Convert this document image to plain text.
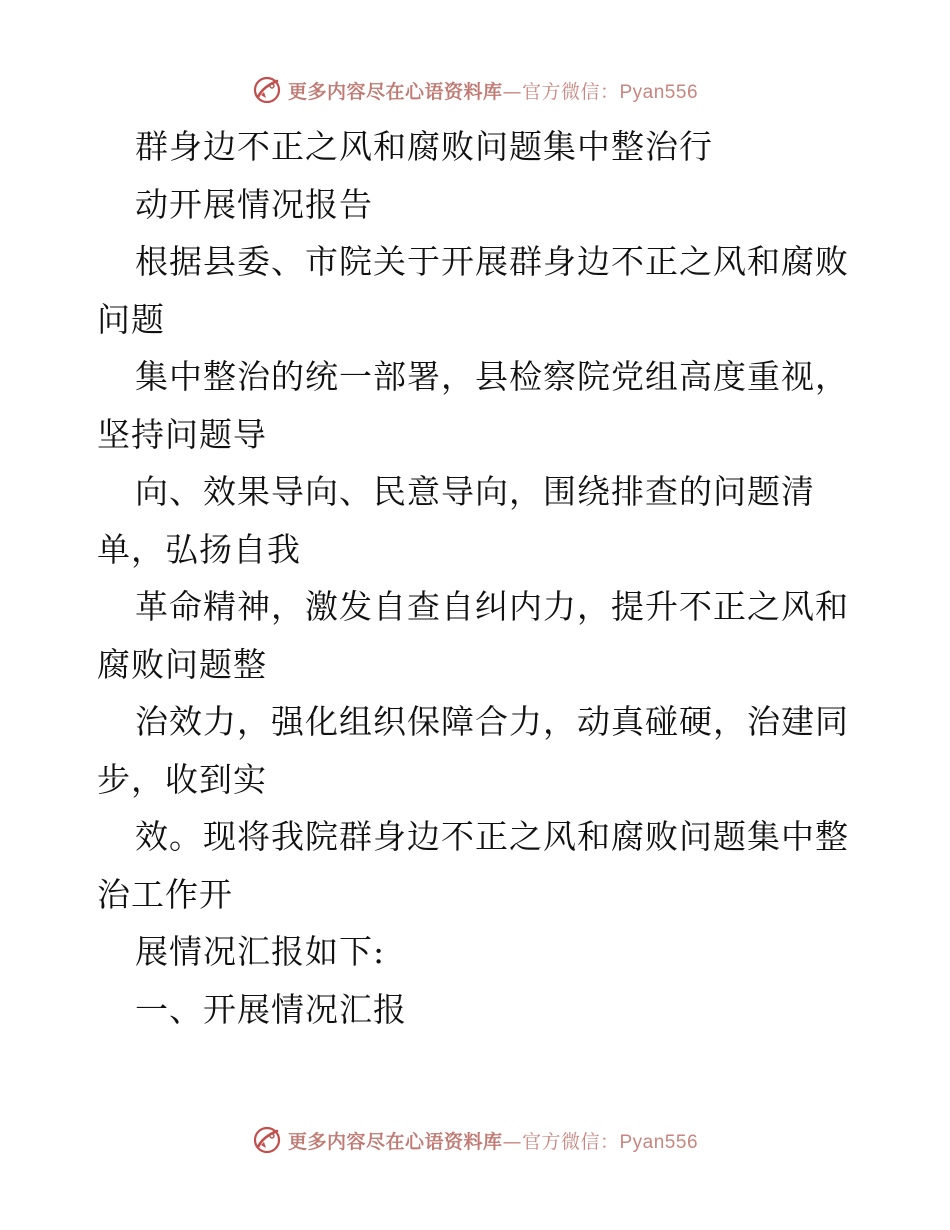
更多内容尽在心语资料库—官方微信：Pyan556
群身边不正之风和腐败问题集中整治行
动开展情况报告
根据县委、市院关于开展群身边不正之风和腐败
问题
集中整治的统一部署，县检察院党组高度重视，
坚持问题导
向、效果导向、民意导向，围绕排查的问题清
单，弘扬自我
革命精神，激发自查自纠内力，提升不正之风和
腐败问题整
治效力，强化组织保障合力，动真碰硬，治建同
步，收到实
效。现将我院群身边不正之风和腐败问题集中整
治工作开
展情况汇报如下:
一、开展情况汇报
更多内容尽在心语资料库—官方微信：Pyan556
